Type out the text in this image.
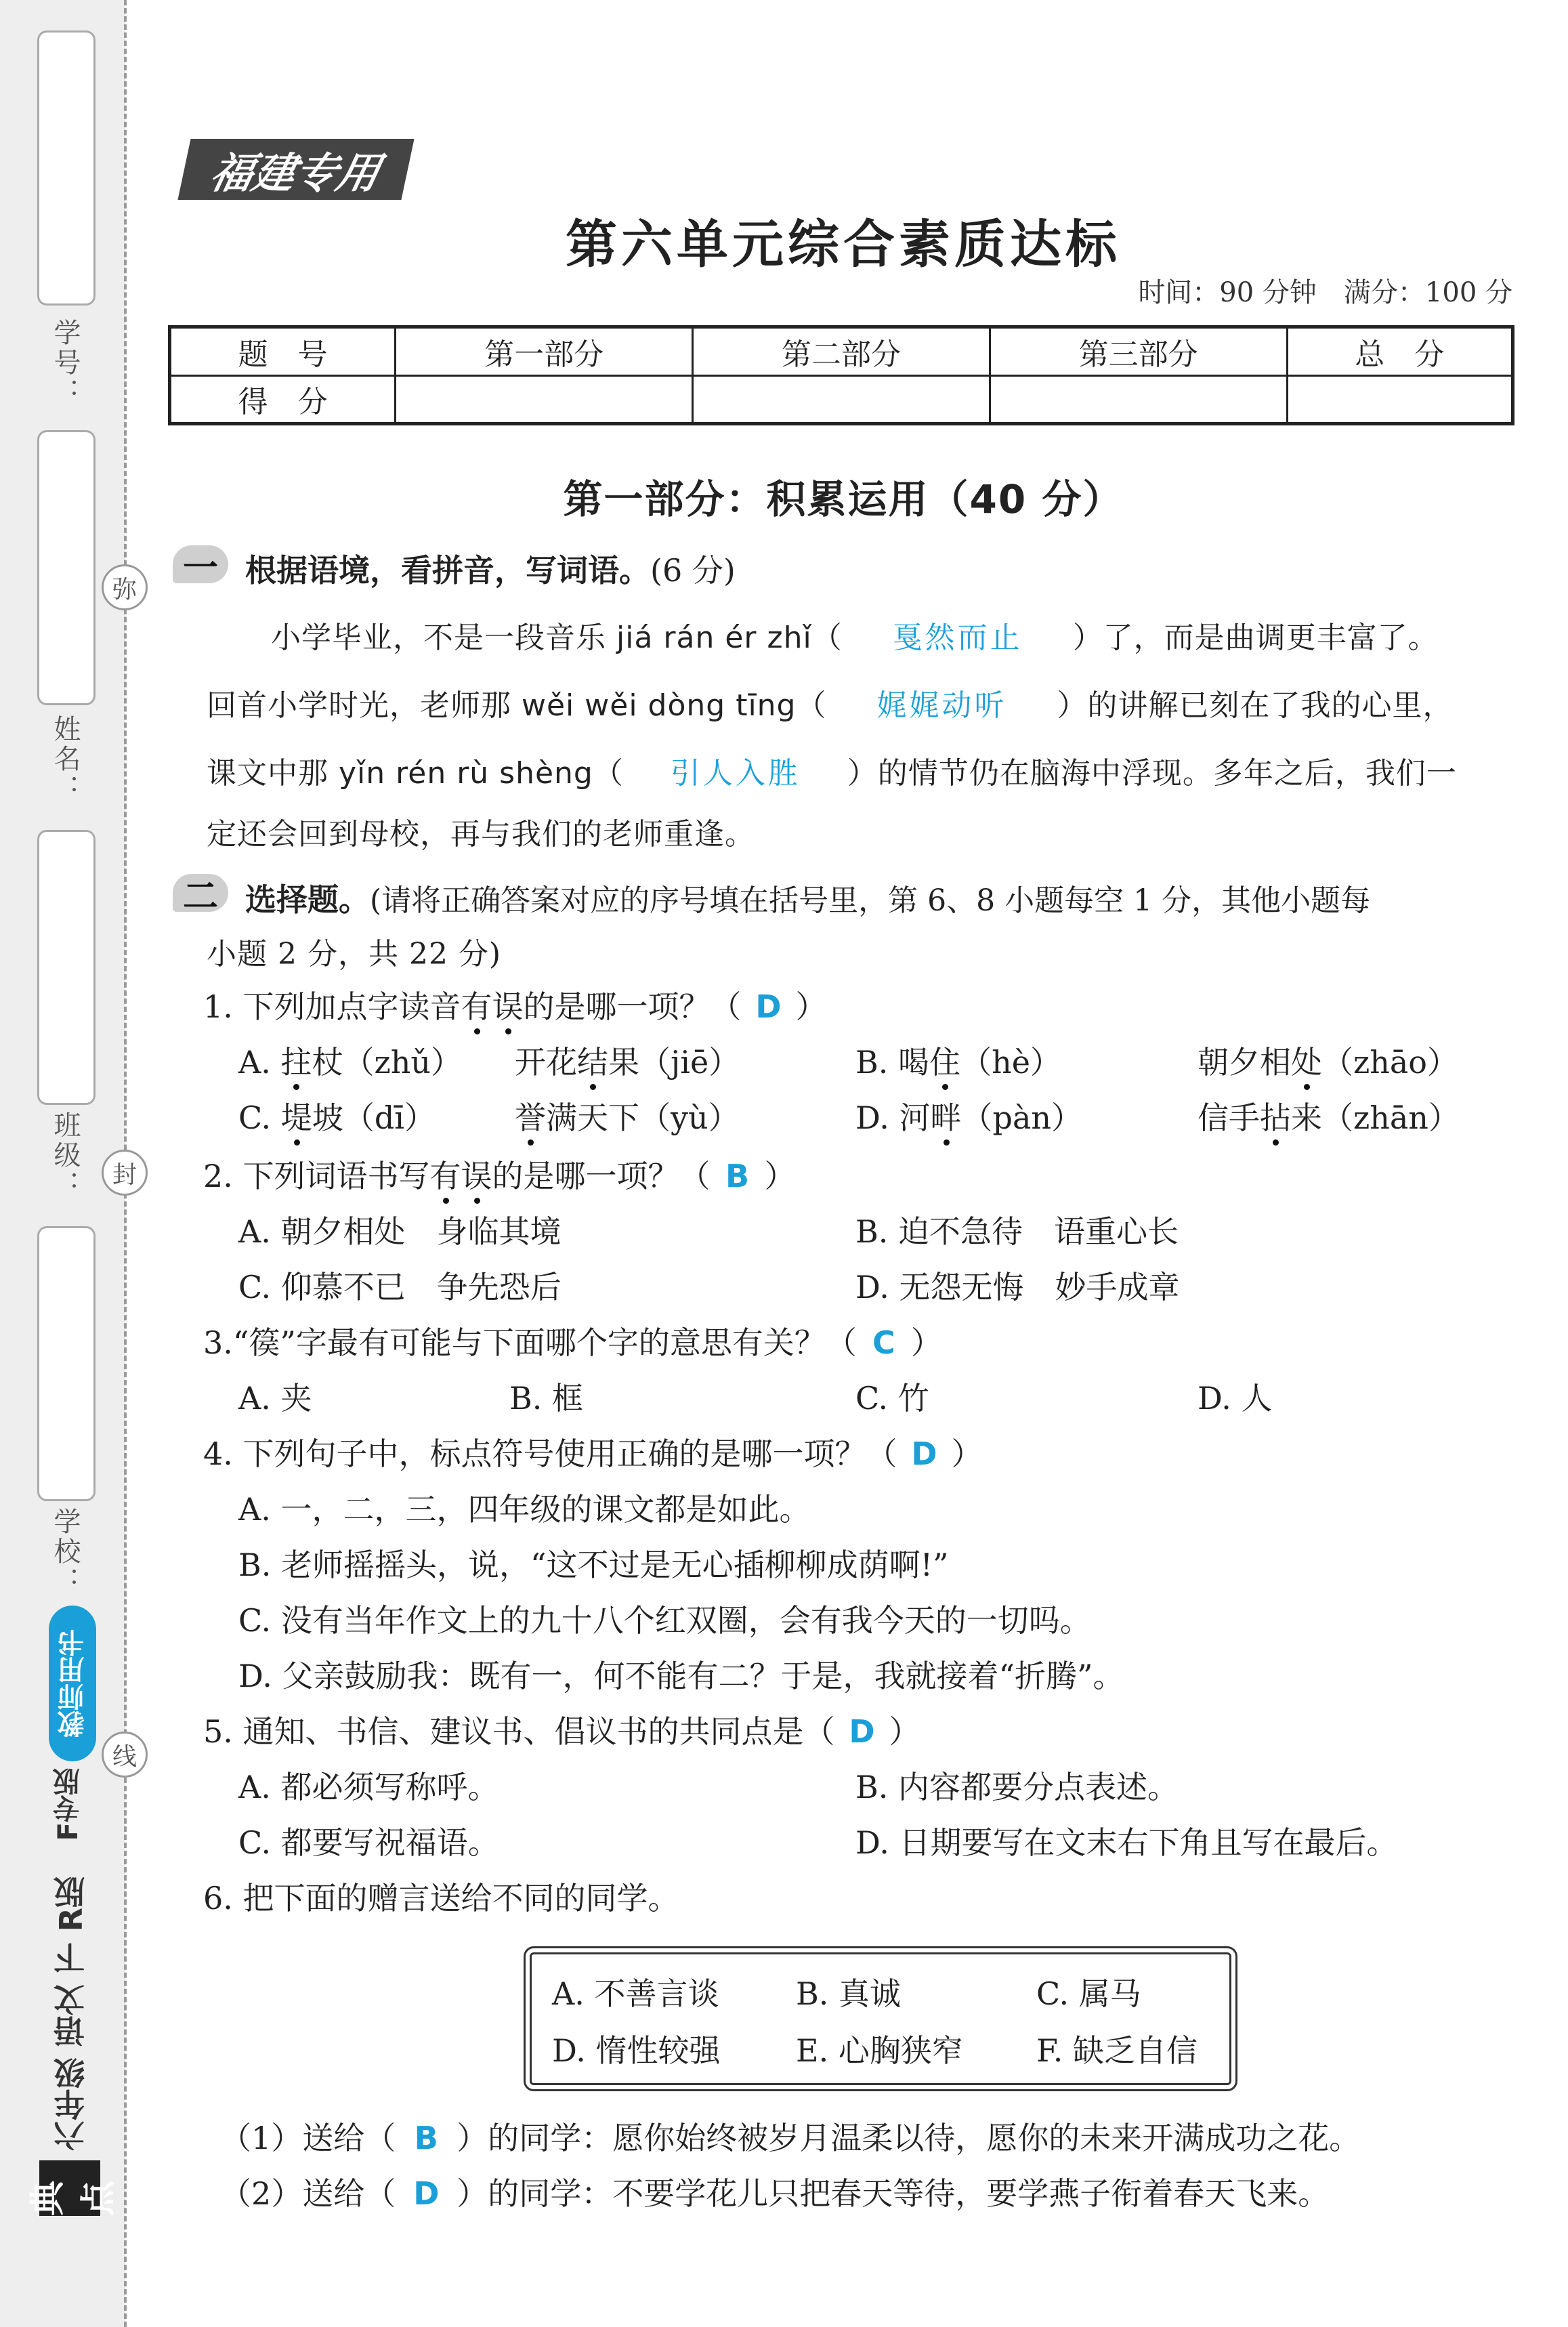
学号：
姓名：
班级：
学校：
弥
封
线
教师用书
F专版
六年级 语文 下 R版
典点
福建专用
第六单元综合素质达标
时间：90 分钟　满分：100 分
题　号	第一部分	第二部分	第三部分	总　分
得　分				
第一部分：积累运用（40 分）
一 根据语境，看拼音，写词语。(6 分)
小学毕业，不是一段音乐 jiá rán ér zhǐ（ 戛然而止 ）了，而是曲调更丰富了。
回首小学时光，老师那 wěi wěi dòng tīng（ 娓娓动听 ）的讲解已刻在了我的心里，
课文中那 yǐn rén rù shèng（ 引人入胜 ）的情节仍在脑海中浮现。多年之后，我们一
定还会回到母校，再与我们的老师重逢。
二 选择题。(请将正确答案对应的序号填在括号里，第 6、8 小题每空 1 分，其他小题每
小题 2 分，共 22 分)
1. 下列加点字读音有误的是哪一项？（ D ）
A. 拄杖（zhǔ） 开花结果（jiē）	B. 喝住（hè）	朝夕相处（zhāo）
C. 堤坡（dī）	誉满天下（yù）	D. 河畔（pàn）	信手拈来（zhān）
2. 下列词语书写有误的是哪一项？（ B ）
A. 朝夕相处　身临其境	B. 迫不急待　语重心长
C. 仰慕不已　争先恐后	D. 无怨无悔　妙手成章
3.“篌”字最有可能与下面哪个字的意思有关？（ C ）
A. 夹	B. 框	C. 竹	D. 人
4. 下列句子中，标点符号使用正确的是哪一项？（ D ）
A. 一，二，三，四年级的课文都是如此。
B. 老师摇摇头，说，“这不过是无心插柳柳成荫啊!”
C. 没有当年作文上的九十八个红双圈，会有我今天的一切吗。
D. 父亲鼓励我：既有一，何不能有二？于是，我就接着“折腾”。
5. 通知、书信、建议书、倡议书的共同点是（ D ）
A. 都必须写称呼。	B. 内容都要分点表述。
C. 都要写祝福语。	D. 日期要写在文末右下角且写在最后。
6. 把下面的赠言送给不同的同学。
A. 不善言谈 B. 真诚	C. 属马
D. 惰性较强 E. 心胸狭窄 F. 缺乏自信
（1）送给（ B ）的同学：愿你始终被岁月温柔以待，愿你的未来开满成功之花。
（2）送给（ D ）的同学：不要学花儿只把春天等待，要学燕子衔着春天飞来。
